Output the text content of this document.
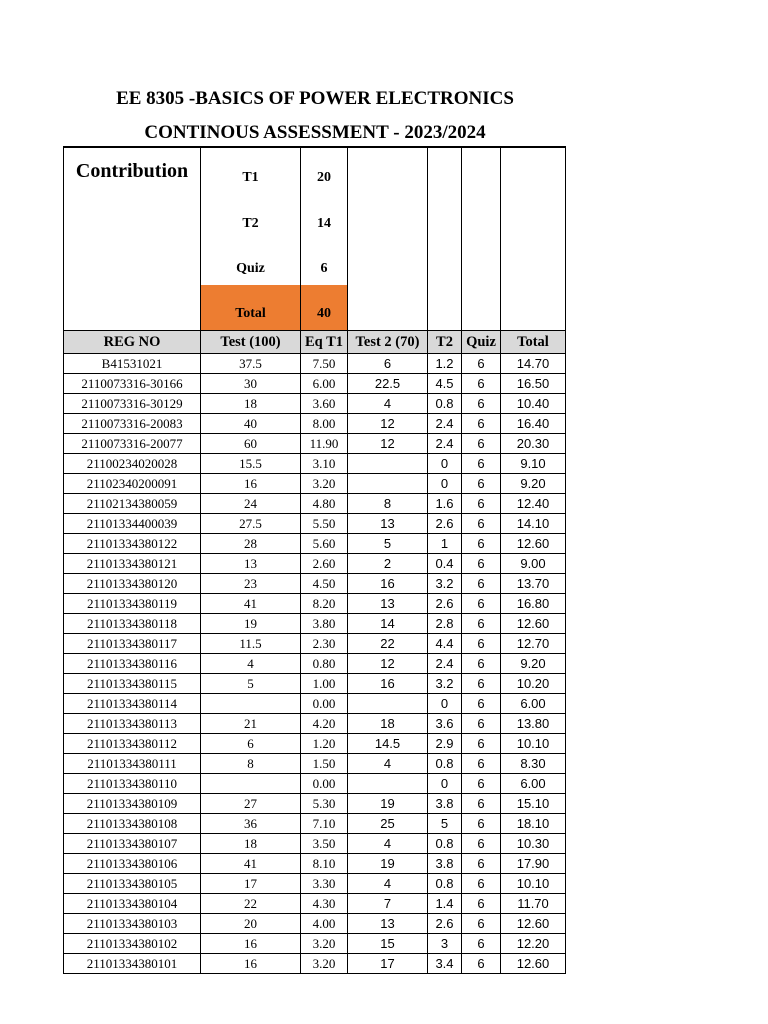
EE 8305 -BASICS OF POWER ELECTRONICS
CONTINOUS ASSESSMENT - 2023/2024
Contribution	T1	20				
	T2	14				
	Quiz	6				
	Total	40				
REG NO	Test (100)	Eq T1	Test 2 (70)	T2	Quiz	Total
B41531021	37.5	7.50	6	1.2	6	14.70
2110073316-30166	30	6.00	22.5	4.5	6	16.50
2110073316-30129	18	3.60	4	0.8	6	10.40
2110073316-20083	40	8.00	12	2.4	6	16.40
2110073316-20077	60	11.90	12	2.4	6	20.30
21100234020028	15.5	3.10		0	6	9.10
21102340200091	16	3.20		0	6	9.20
21102134380059	24	4.80	8	1.6	6	12.40
21101334400039	27.5	5.50	13	2.6	6	14.10
21101334380122	28	5.60	5	1	6	12.60
21101334380121	13	2.60	2	0.4	6	9.00
21101334380120	23	4.50	16	3.2	6	13.70
21101334380119	41	8.20	13	2.6	6	16.80
21101334380118	19	3.80	14	2.8	6	12.60
21101334380117	11.5	2.30	22	4.4	6	12.70
21101334380116	4	0.80	12	2.4	6	9.20
21101334380115	5	1.00	16	3.2	6	10.20
21101334380114		0.00		0	6	6.00
21101334380113	21	4.20	18	3.6	6	13.80
21101334380112	6	1.20	14.5	2.9	6	10.10
21101334380111	8	1.50	4	0.8	6	8.30
21101334380110		0.00		0	6	6.00
21101334380109	27	5.30	19	3.8	6	15.10
21101334380108	36	7.10	25	5	6	18.10
21101334380107	18	3.50	4	0.8	6	10.30
21101334380106	41	8.10	19	3.8	6	17.90
21101334380105	17	3.30	4	0.8	6	10.10
21101334380104	22	4.30	7	1.4	6	11.70
21101334380103	20	4.00	13	2.6	6	12.60
21101334380102	16	3.20	15	3	6	12.20
21101334380101	16	3.20	17	3.4	6	12.60
